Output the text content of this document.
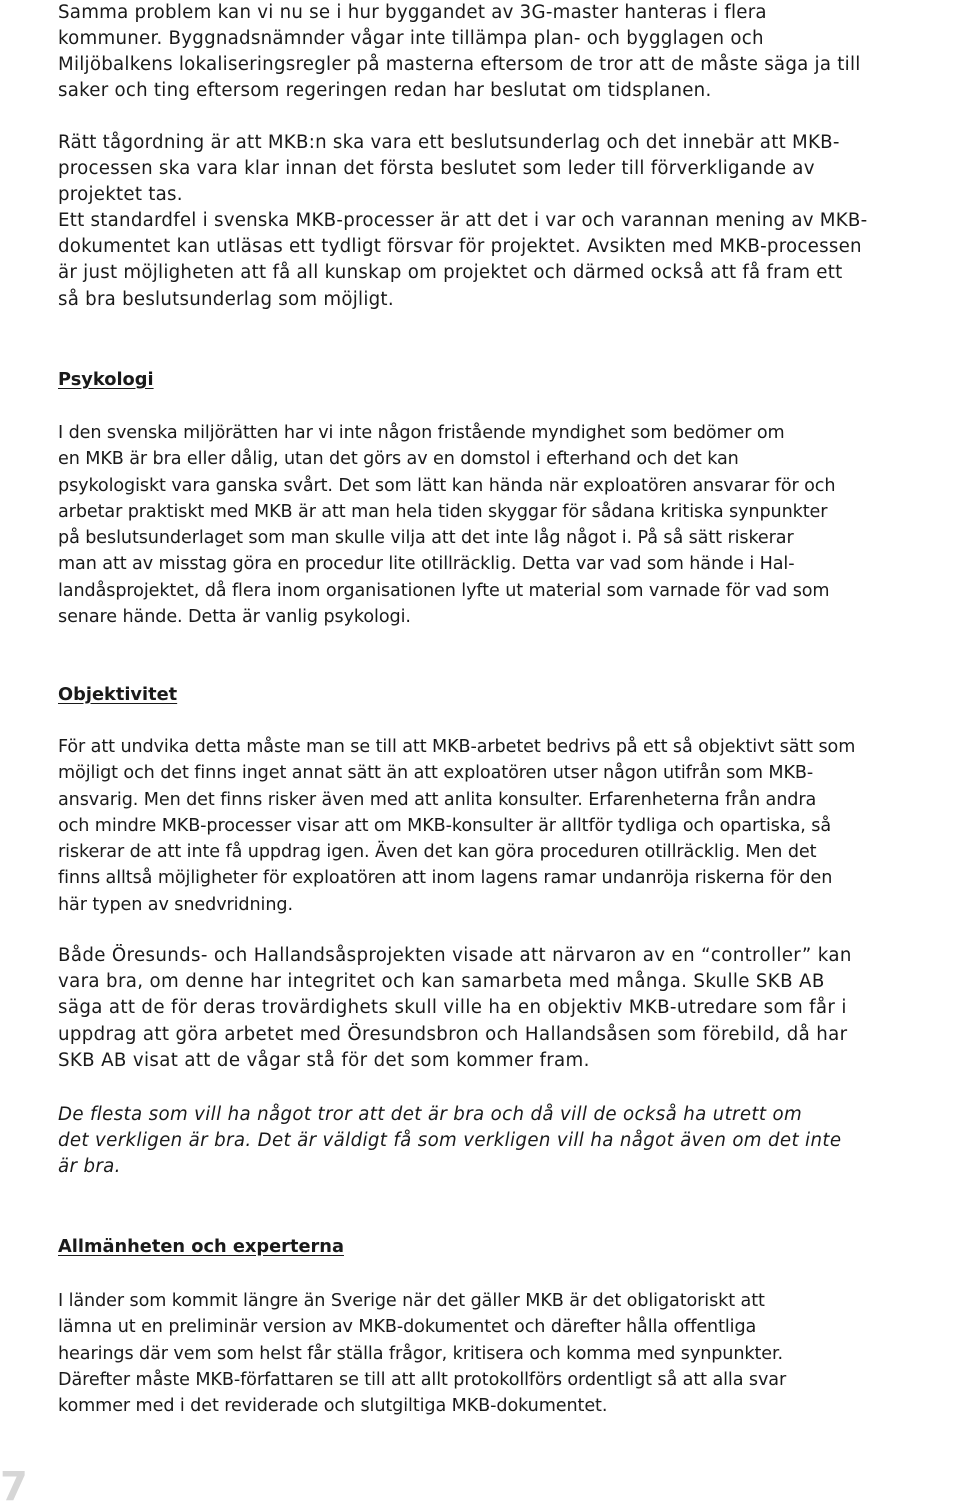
Samma problem kan vi nu se i hur byggandet av 3G-master hanteras i flera
kommuner. Byggnadsnämnder vågar inte tillämpa plan- och bygglagen och
Miljöbalkens lokaliseringsregler på masterna eftersom de tror att de måste säga ja till
saker och ting eftersom regeringen redan har beslutat om tidsplanen.

Rätt tågordning är att MKB:n ska vara ett beslutsunderlag och det innebär att MKB-
processen ska vara klar innan det första beslutet som leder till förverkligande av
projektet tas.
Ett standardfel i svenska MKB-processer är att det i var och varannan mening av MKB-
dokumentet kan utläsas ett tydligt försvar för projektet. Avsikten med MKB-processen
är just möjligheten att få all kunskap om projektet och därmed också att få fram ett
så bra beslutsunderlag som möjligt.

Psykologi

I den svenska miljörätten har vi inte någon fristående myndighet som bedömer om
en MKB är bra eller dålig, utan det görs av en domstol i efterhand och det kan
psykologiskt vara ganska svårt. Det som lätt kan hända när exploatören ansvarar för och
arbetar praktiskt med MKB är att man hela tiden skyggar för sådana kritiska synpunkter
på beslutsunderlaget som man skulle vilja att det inte låg något i. På så sätt riskerar
man att av misstag göra en procedur lite otillräcklig. Detta var vad som hände i Hal-
landåsprojektet, då flera inom organisationen lyfte ut material som varnade för vad som
senare hände. Detta är vanlig psykologi.

Objektivitet

För att undvika detta måste man se till att MKB-arbetet bedrivs på ett så objektivt sätt som
möjligt och det finns inget annat sätt än att exploatören utser någon utifrån som MKB-
ansvarig. Men det finns risker även med att anlita konsulter. Erfarenheterna från andra
och mindre MKB-processer visar att om MKB-konsulter är alltför tydliga och opartiska, så
riskerar de att inte få uppdrag igen. Även det kan göra proceduren otillräcklig. Men det
finns alltså möjligheter för exploatören att inom lagens ramar undanröja riskerna för den
här typen av snedvridning.

Både Öresunds- och Hallandsåsprojekten visade att närvaron av en “controller” kan
vara bra, om denne har integritet och kan samarbeta med många. Skulle SKB AB
säga att de för deras trovärdighets skull ville ha en objektiv MKB-utredare som får i
uppdrag att göra arbetet med Öresundsbron och Hallandsåsen som förebild, då har
SKB AB visat att de vågar stå för det som kommer fram.

De flesta som vill ha något tror att det är bra och då vill de också ha utrett om
det verkligen är bra. Det är väldigt få som verkligen vill ha något även om det inte
är bra.

Allmänheten och experterna

I länder som kommit längre än Sverige när det gäller MKB är det obligatoriskt att
lämna ut en preliminär version av MKB-dokumentet och därefter hålla offentliga
hearings där vem som helst får ställa frågor, kritisera och komma med synpunkter.
Därefter måste MKB-författaren se till att allt protokollförs ordentligt så att alla svar
kommer med i det reviderade och slutgiltiga MKB-dokumentet.

7
